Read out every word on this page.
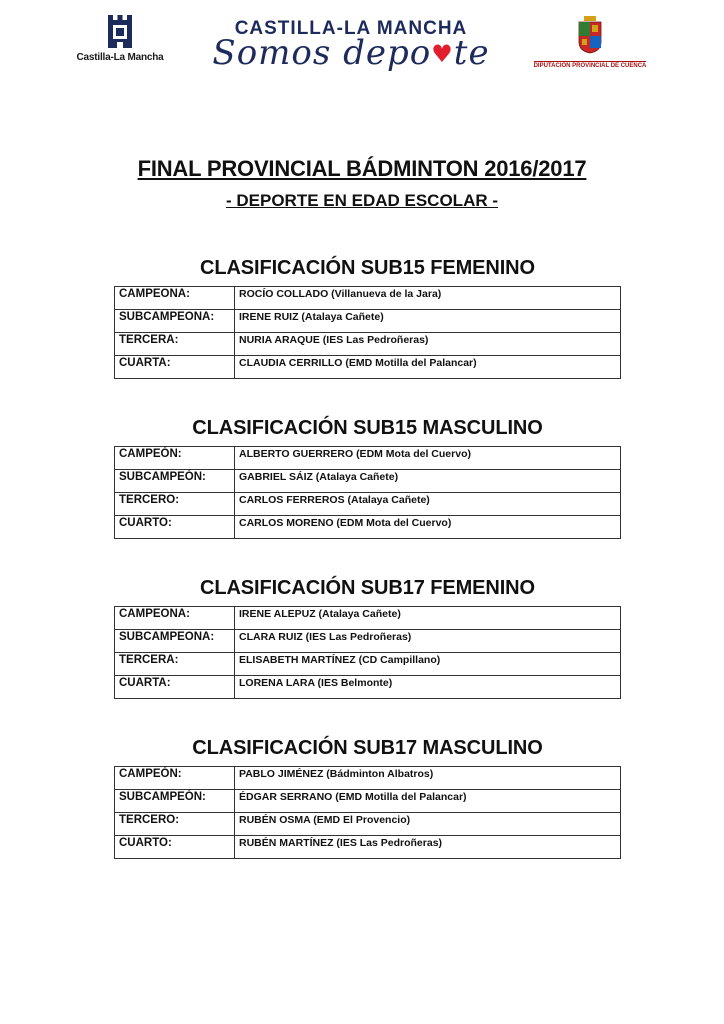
Castilla-La Mancha
CASTILLA-LA MANCHA
Somos depo♥te	DIPUTACIÓN PROVINCIAL DE CUENCA
FINAL PROVINCIAL BÁDMINTON 2016/2017
- DEPORTE EN EDAD ESCOLAR -
CLASIFICACIÓN SUB15 FEMENINO
CAMPEONA:	ROCÍO COLLADO (Villanueva de la Jara)
SUBCAMPEONA:	IRENE RUIZ (Atalaya Cañete)
TERCERA:	NURIA ARAQUE (IES Las Pedroñeras)
CUARTA:	CLAUDIA CERRILLO (EMD Motilla del Palancar)
CLASIFICACIÓN SUB15 MASCULINO
CAMPEÓN:	ALBERTO GUERRERO (EDM Mota del Cuervo)
SUBCAMPEÓN:	GABRIEL SÁIZ (Atalaya Cañete)
TERCERO:	CARLOS FERREROS (Atalaya Cañete)
CUARTO:	CARLOS MORENO (EDM Mota del Cuervo)
CLASIFICACIÓN SUB17 FEMENINO
CAMPEONA:	IRENE ALEPUZ (Atalaya Cañete)
SUBCAMPEONA:	CLARA RUIZ (IES Las Pedroñeras)
TERCERA:	ELISABETH MARTÍNEZ (CD Campillano)
CUARTA:	LORENA LARA (IES Belmonte)
CLASIFICACIÓN SUB17 MASCULINO
CAMPEÓN:	PABLO JIMÉNEZ (Bádminton Albatros)
SUBCAMPEÓN:	ÉDGAR SERRANO (EMD Motilla del Palancar)
TERCERO:	RUBÉN OSMA (EMD El Provencio)
CUARTO:	RUBÉN MARTÍNEZ (IES Las Pedroñeras)
